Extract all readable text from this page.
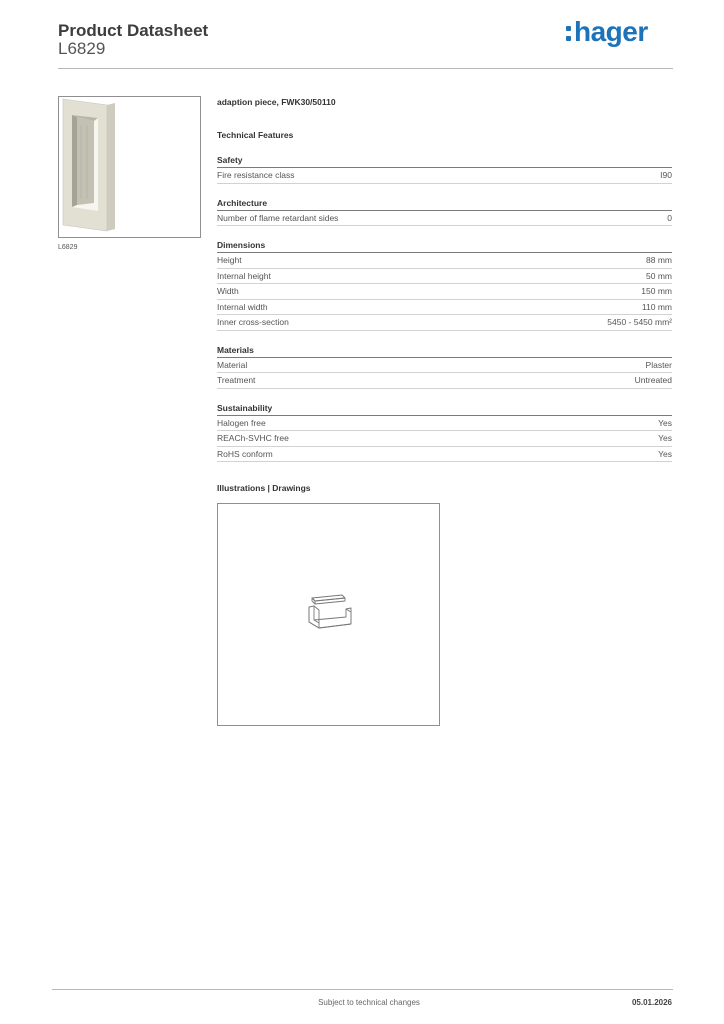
Product Datasheet
L6829
hager
L6829
adaption piece, FWK30/50110
Technical Features
Safety
Fire resistance class	I90
Architecture
Number of flame retardant sides	0
Dimensions
Height	88 mm
Internal height	50 mm
Width	150 mm
Internal width	110 mm
Inner cross-section	5450 - 5450 mm²
Materials
Material	Plaster
Treatment	Untreated
Sustainability
Halogen free	Yes
REACh-SVHC free	Yes
RoHS conform	Yes
Illustrations | Drawings
Subject to technical changes	05.01.2026
